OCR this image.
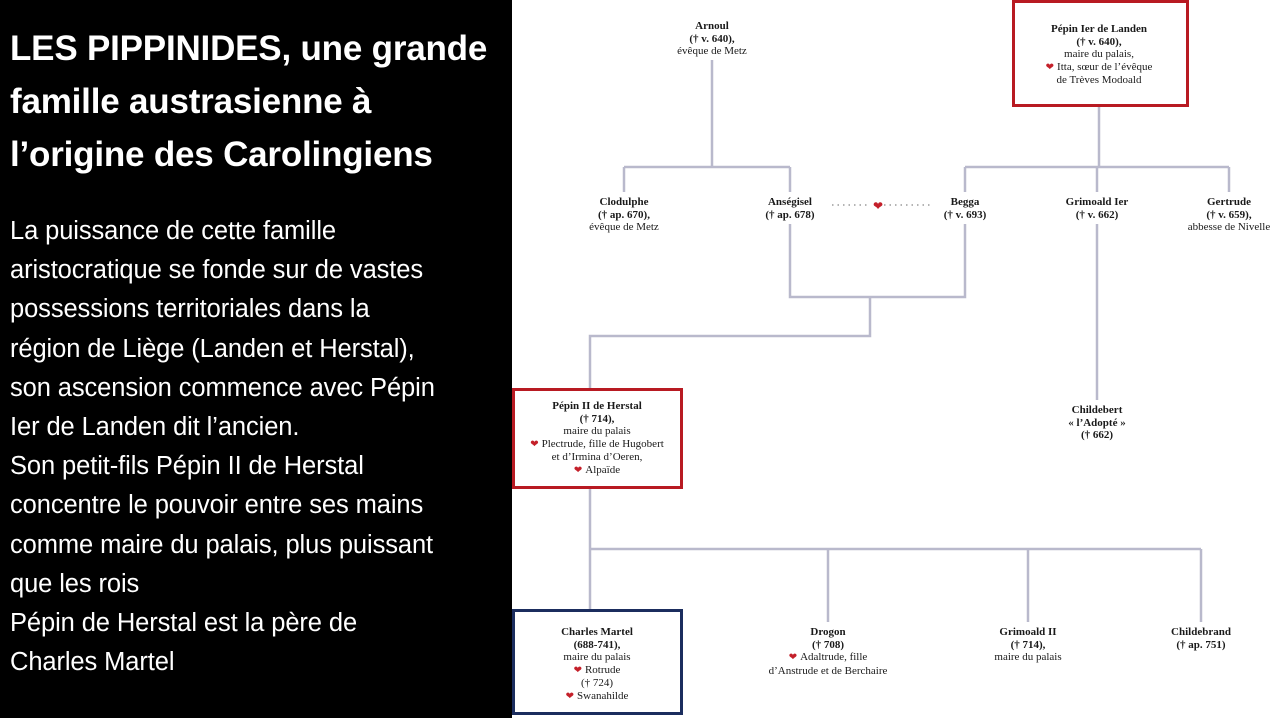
LES PIPPINIDES, une grande
famille austrasienne à
l’origine des Carolingiens
La puissance de cette famille
aristocratique se fonde sur de vastes
possessions territoriales dans la
région de Liège (Landen et Herstal),
son ascension commence avec Pépin
Ier de Landen dit l’ancien.
Son petit-fils Pépin II de Herstal
concentre le pouvoir entre ses mains
comme maire du palais, plus puissant
que les rois
Pépin de Herstal est la père de
Charles Martel
Arnoul
(† v. 640),
évêque de Metz
Pépin Ier de Landen
(† v. 640),
maire du palais,
❤ Itta, sœur de l’évêque
de Trèves Modoald
Clodulphe
(† ap. 670),
évêque de Metz
Anségisel
(† ap. 678)
❤	Begga
(† v. 693)
Grimoald Ier
(† v. 662)
Gertrude
(† v. 659),
abbesse de Nivelle
Childebert
« l’Adopté »
(† 662)
Pépin II de Herstal
(† 714),
maire du palais
❤ Plectrude, fille de Hugobert
et d’Irmina d’Oeren,
❤ Alpaïde
Charles Martel
(688-741),
maire du palais
❤ Rotrude
(† 724)
❤ Swanahilde
Drogon
(† 708)
❤ Adaltrude, fille
d’Anstrude et de Berchaire
Grimoald II
(† 714),
maire du palais
Childebrand
(† ap. 751)
